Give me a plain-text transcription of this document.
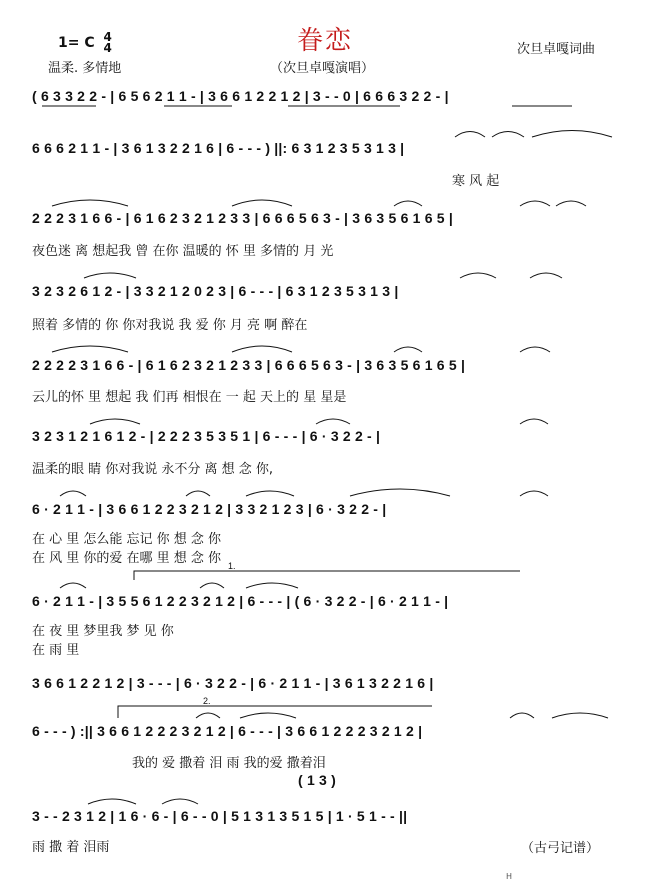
眷恋
1= C 4
4
温柔. 多情地	（次旦卓嘎演唱）
次旦卓嘎词曲
( 6 3 3 2 2 - | 6 5 6 2 1 1 - | 3 6 6 1 2 2 1 2 | 3 - - 0 | 6 6 6 3 2 2 - |
6 6 6 2 1 1 - | 3 6 1 3 2 2 1 6 | 6 - - - ) ||: 6 3 1 2 3 5 3 1 3 |
寒 风 起
2 2 2 3 1 6 6 - | 6 1 6 2 3 2 1 2 3 3 | 6 6 6 5 6 3 - | 3 6 3 5 6 1 6 5 |
夜色迷 离 想起我 曾 在你 温暖的 怀 里 多情的 月 光
3 2 3 2 6 1 2 - | 3 3 2 1 2 0 2 3 | 6 - - - | 6 3 1 2 3 5 3 1 3 |
照着 多情的 你 你对我说 我 爱 你 月 亮 啊 醉在
2 2 2 2 3 1 6 6 - | 6 1 6 2 3 2 1 2 3 3 | 6 6 6 5 6 3 - | 3 6 3 5 6 1 6 5 |
云儿的怀 里 想起 我 们再 相恨在 一 起 天上的 星 星是
3 2 3 1 2 1 6 1 2 - | 2 2 2 3 5 3 5 1 | 6 - - - | 6 · 3 2 2 - |
温柔的眼 睛 你对我说 永不分 离 想 念 你,
6 · 2 1 1 - | 3 6 6 1 2 2 3 2 1 2 | 3 3 2 1 2 3 | 6 · 3 2 2 - |
在 心 里 怎么能 忘记 你 想 念 你
在 风 里 你的爱 在哪 里 想 念 你
6 · 2 1 1 - | 3 5 5 6 1 2 2 3 2 1 2 | 6 - - - | ( 6 · 3 2 2 - | 6 · 2 1 1 - |
在 夜 里 梦里我 梦 见 你
在 雨 里
3 6 6 1 2 2 1 2 | 3 - - - | 6 · 3 2 2 - | 6 · 2 1 1 - | 3 6 1 3 2 2 1 6 |
6 - - - ) :|| 3 6 6 1 2 2 2 3 2 1 2 | 6 - - - | 3 6 6 1 2 2 2 3 2 1 2 |
我的 爱 撒着 泪 雨 我的爱 撒着泪
( 1 3 )
3 - - 2 3 1 2 | 1 6 · 6 - | 6 - - 0 | 5 1 3 1 3 5 1 5 | 1 · 5 1 - - ||
雨 撒 着 泪雨	（古弓记谱）
H
1.
2.
